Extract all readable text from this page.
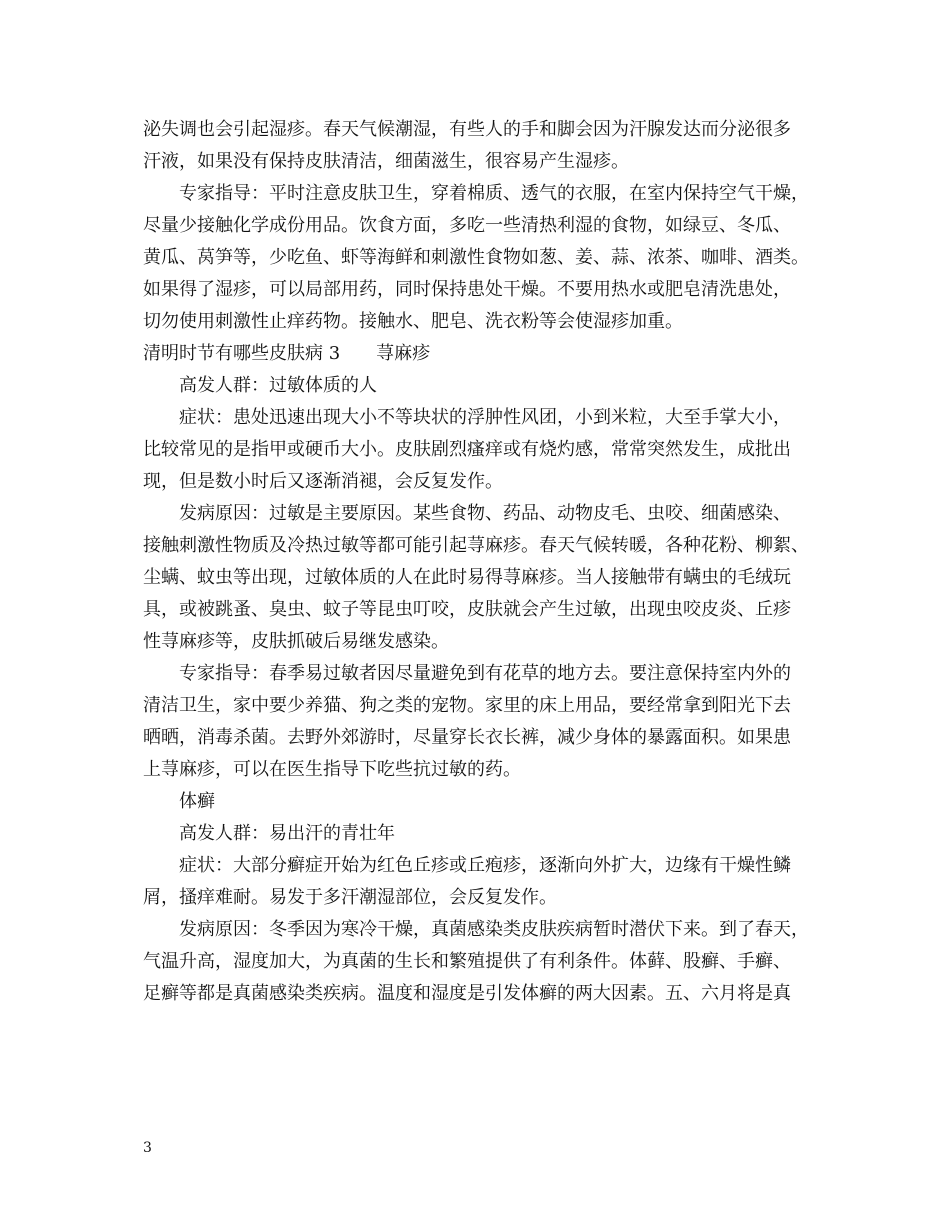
泌失调也会引起湿疹。春天气候潮湿，有些人的手和脚会因为汗腺发达而分泌很多
汗液，如果没有保持皮肤清洁，细菌滋生，很容易产生湿疹。
专家指导：平时注意皮肤卫生，穿着棉质、透气的衣服，在室内保持空气干燥，
尽量少接触化学成份用品。饮食方面，多吃一些清热利湿的食物，如绿豆、冬瓜、
黄瓜、莴笋等，少吃鱼、虾等海鲜和刺激性食物如葱、姜、蒜、浓茶、咖啡、酒类。
如果得了湿疹，可以局部用药，同时保持患处干燥。不要用热水或肥皂清洗患处，
切勿使用刺激性止痒药物。接触水、肥皂、洗衣粉等会使湿疹加重。
清明时节有哪些皮肤病 3　　荨麻疹
高发人群：过敏体质的人
症状：患处迅速出现大小不等块状的浮肿性风团，小到米粒，大至手掌大小，
比较常见的是指甲或硬币大小。皮肤剧烈瘙痒或有烧灼感，常常突然发生，成批出
现，但是数小时后又逐渐消褪，会反复发作。
发病原因：过敏是主要原因。某些食物、药品、动物皮毛、虫咬、细菌感染、
接触刺激性物质及冷热过敏等都可能引起荨麻疹。春天气候转暖，各种花粉、柳絮、
尘螨、蚊虫等出现，过敏体质的人在此时易得荨麻疹。当人接触带有螨虫的毛绒玩
具，或被跳蚤、臭虫、蚊子等昆虫叮咬，皮肤就会产生过敏，出现虫咬皮炎、丘疹
性荨麻疹等，皮肤抓破后易继发感染。
专家指导：春季易过敏者因尽量避免到有花草的地方去。要注意保持室内外的
清洁卫生，家中要少养猫、狗之类的宠物。家里的床上用品，要经常拿到阳光下去
晒晒，消毒杀菌。去野外郊游时，尽量穿长衣长裤，减少身体的暴露面积。如果患
上荨麻疹，可以在医生指导下吃些抗过敏的药。
体癣
高发人群：易出汗的青壮年
症状：大部分癣症开始为红色丘疹或丘疱疹，逐渐向外扩大，边缘有干燥性鳞
屑，搔痒难耐。易发于多汗潮湿部位，会反复发作。
发病原因：冬季因为寒冷干燥，真菌感染类皮肤疾病暂时潜伏下来。到了春天，
气温升高，湿度加大，为真菌的生长和繁殖提供了有利条件。体藓、股癣、手癣、
足癣等都是真菌感染类疾病。温度和湿度是引发体癣的两大因素。五、六月将是真
3
